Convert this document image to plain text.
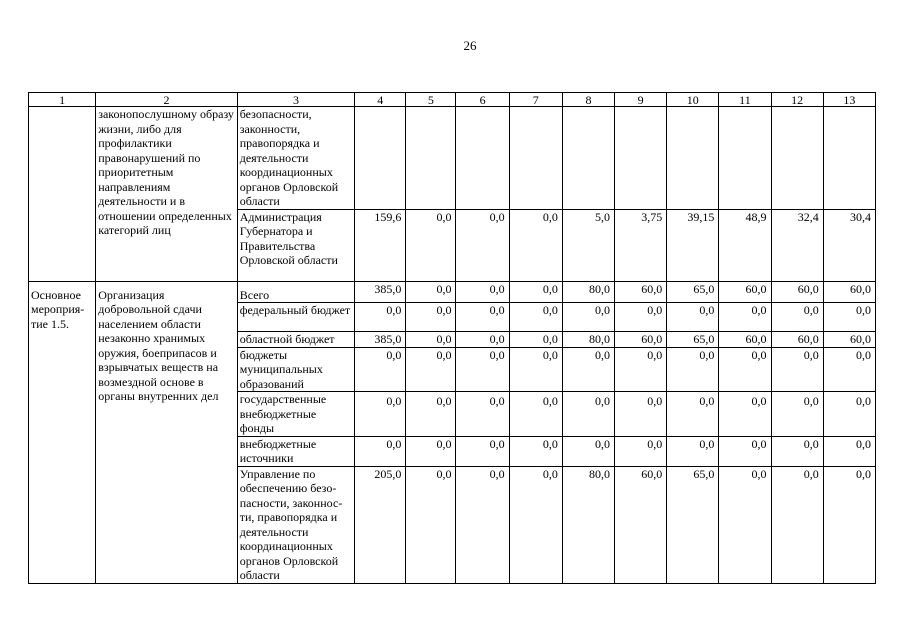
26
1	2	3	4	5	6	7	8	9	10	11	12	13
	законопослушному образу жизни, либо для профилактики правонарушений по приоритетным направлениям деятельности и в отношении определенных категорий лиц	безопасности, законности, правопорядка и деятельности координационных органов Орловской области										
		Администрация Губернатора и Правительства Орловской области	159,6	0,0	0,0	0,0	5,0	3,75	39,15	48,9	32,4	30,4
Основное мероприя-тие 1.5.	Организация добровольной сдачи населением области незаконно хранимых оружия, боеприпасов и взрывчатых веществ на возмездной основе в органы внутренних дел	Всего	385,0	0,0	0,0	0,0	80,0	60,0	65,0	60,0	60,0	60,0
		федеральный бюджет	0,0	0,0	0,0	0,0	0,0	0,0	0,0	0,0	0,0	0,0
		областной бюджет	385,0	0,0	0,0	0,0	80,0	60,0	65,0	60,0	60,0	60,0
		бюджеты муниципальных образований	0,0	0,0	0,0	0,0	0,0	0,0	0,0	0,0	0,0	0,0
		государственные внебюджетные фонды	0,0	0,0	0,0	0,0	0,0	0,0	0,0	0,0	0,0	0,0
		внебюджетные источники	0,0	0,0	0,0	0,0	0,0	0,0	0,0	0,0	0,0	0,0
		Управление по обеспечению безо-пасности, законнос-ти, правопорядка и деятельности координационных органов Орловской области	205,0	0,0	0,0	0,0	80,0	60,0	65,0	0,0	0,0	0,0
